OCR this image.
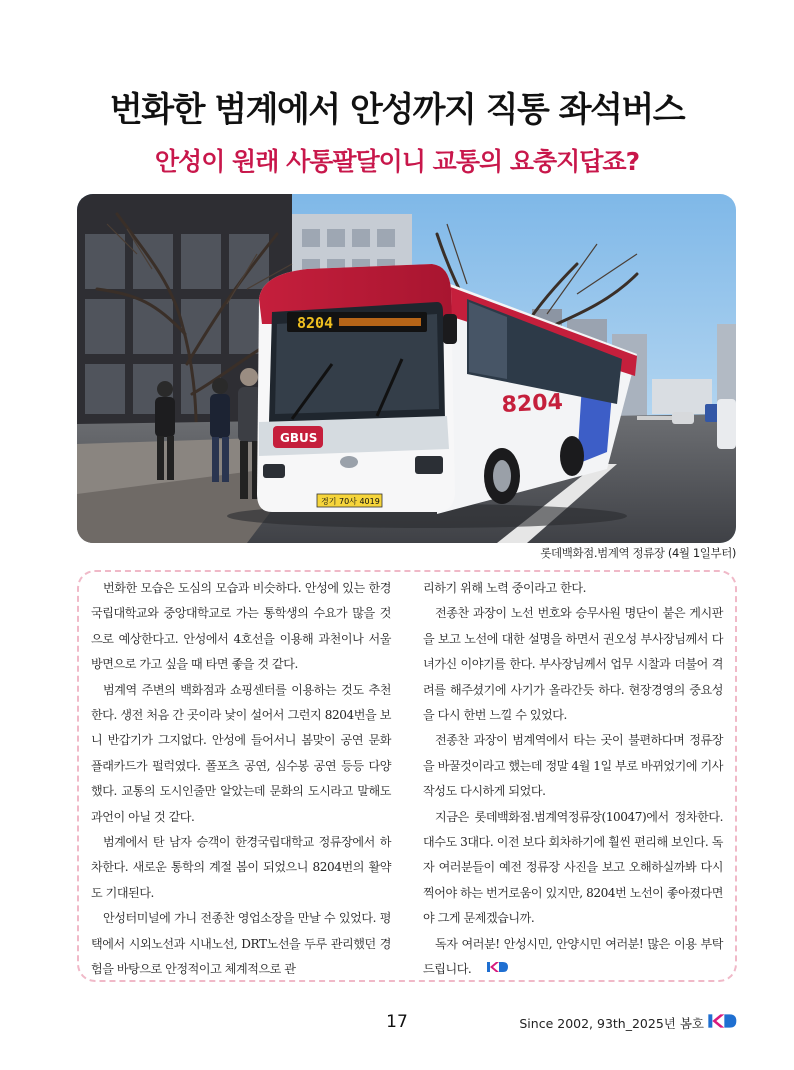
번화한 범계에서 안성까지 직통 좌석버스
안성이 원래 사통팔달이니 교통의 요충지답죠?
8204
8204
GBUS
경기 70사 4019
롯데백화점.범계역 정류장 (4월 1일부터)

번화한 모습은 도심의 모습과 비슷하다. 안성에 있는 한경국립대학교와 중앙대학교로 가는 통학생의 수요가 많을 것으로 예상한다고. 안성에서 4호선을 이용해 과천이나 서울 방면으로 가고 싶을 때 타면 좋을 것 같다.

범계역 주변의 백화점과 쇼핑센터를 이용하는 것도 추천한다. 생전 처음 간 곳이라 낯이 설어서 그런지 8204번을 보니 반갑기가 그지없다. 안성에 들어서니 봄맞이 공연 문화 플래카드가 펄럭였다. 폴포츠 공연, 심수봉 공연 등등 다양했다. 교통의 도시인줄만 알았는데 문화의 도시라고 말해도 과언이 아닐 것 같다.

범계에서 탄 남자 승객이 한경국립대학교 정류장에서 하차한다. 새로운 통학의 계절 봄이 되었으니 8204번의 활약도 기대된다.

안성터미널에 가니 전종찬 영업소장을 만날 수 있었다. 평택에서 시외노선과 시내노선, DRT노선을 두루 관리했던 경험을 바탕으로 안정적이고 체계적으로 관

리하기 위해 노력 중이라고 한다.

전종찬 과장이 노선 번호와 승무사원 명단이 붙은 게시판을 보고 노선에 대한 설명을 하면서 권오성 부사장님께서 다녀가신 이야기를 한다. 부사장님께서 업무 시찰과 더불어 격려를 해주셨기에 사기가 올라간듯 하다. 현장경영의 중요성을 다시 한번 느낄 수 있었다.

전종찬 과장이 범계역에서 타는 곳이 불편하다며 정류장을 바꿀것이라고 했는데 정말 4월 1일 부로 바뀌었기에 기사 작성도 다시하게 되었다.

지금은 롯데백화점.범계역정류장(10047)에서 정차한다. 대수도 3대다. 이전 보다 회차하기에 훨씬 편리해 보인다. 독자 여러분들이 예전 정류장 사진을 보고 오해하실까봐 다시 찍어야 하는 번거로움이 있지만, 8204번 노선이 좋아졌다면야 그게 문제겠습니까.

독자 여러분! 안성시민, 안양시민 여러분! 많은 이용 부탁드립니다.

17	Since 2002, 93th_2025년 봄호
